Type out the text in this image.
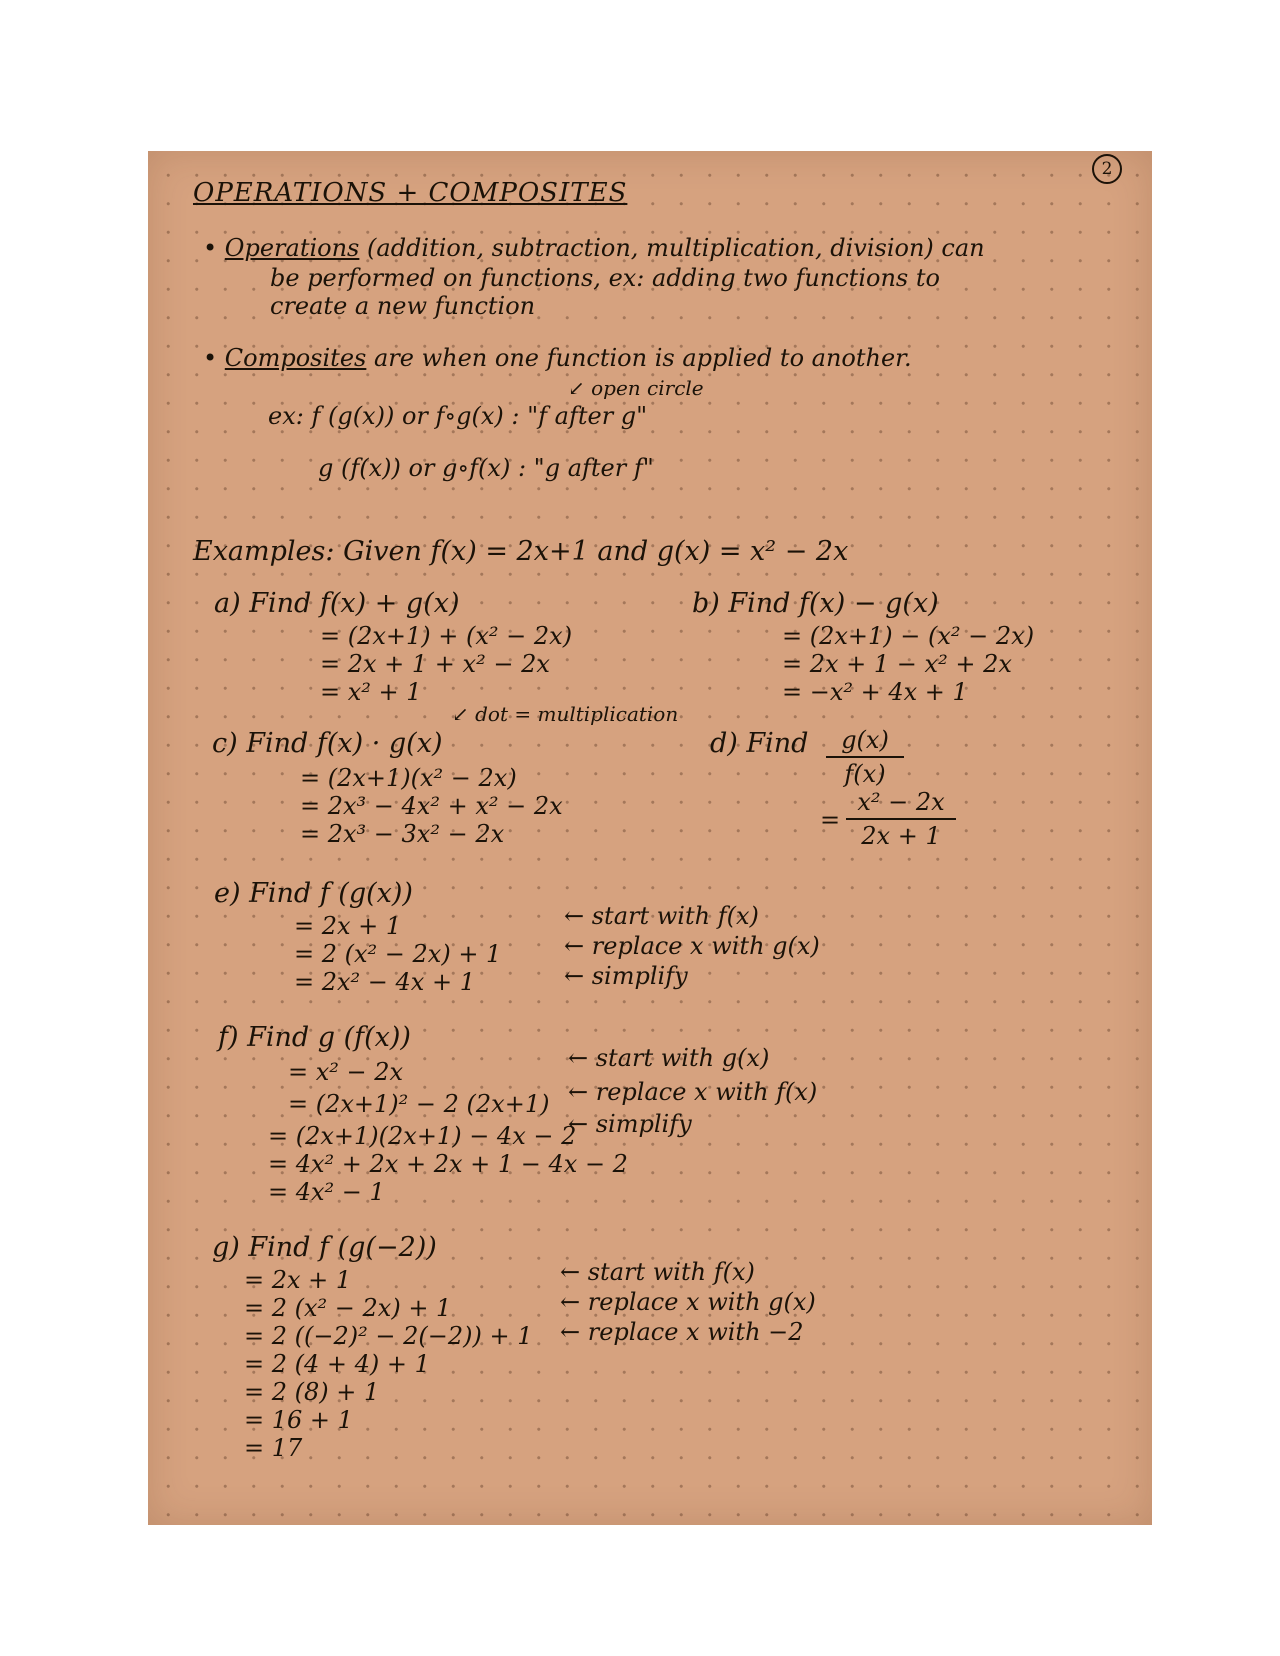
2
OPERATIONS + COMPOSITES
• Operations (addition, subtraction, multiplication, division) can
be performed on functions, ex: adding two functions to
create a new function
• Composites are when one function is applied to another.
↙ open circle
ex: f (g(x)) or f∘g(x) : "f after g"
g (f(x)) or g∘f(x) : "g after f"
Examples: Given f(x) = 2x+1 and g(x) = x² − 2x
a) Find f(x) + g(x)
= (2x+1) + (x² − 2x)
= 2x + 1 + x² − 2x
= x² + 1
b) Find f(x) − g(x)
= (2x+1) − (x² − 2x)
= 2x + 1 − x² + 2x
= −x² + 4x + 1
↙ dot = multiplication
c) Find f(x) · g(x)
= (2x+1)(x² − 2x)
= 2x³ − 4x² + x² − 2x
= 2x³ − 3x² − 2x
d) Find	g(x)
f(x)
=
x² − 2x
2x + 1
e) Find f (g(x))
= 2x + 1
= 2 (x² − 2x) + 1
= 2x² − 4x + 1
← start with f(x)
← replace x with g(x)
← simplify
f) Find g (f(x))
= x² − 2x
= (2x+1)² − 2 (2x+1)
= (2x+1)(2x+1) − 4x − 2
= 4x² + 2x + 2x + 1 − 4x − 2
= 4x² − 1
← start with g(x)
← replace x with f(x)
← simplify
g) Find f (g(−2))
= 2x + 1
= 2 (x² − 2x) + 1
= 2 ((−2)² − 2(−2)) + 1
= 2 (4 + 4) + 1
= 2 (8) + 1
= 16 + 1
= 17
← start with f(x)
← replace x with g(x)
← replace x with −2
